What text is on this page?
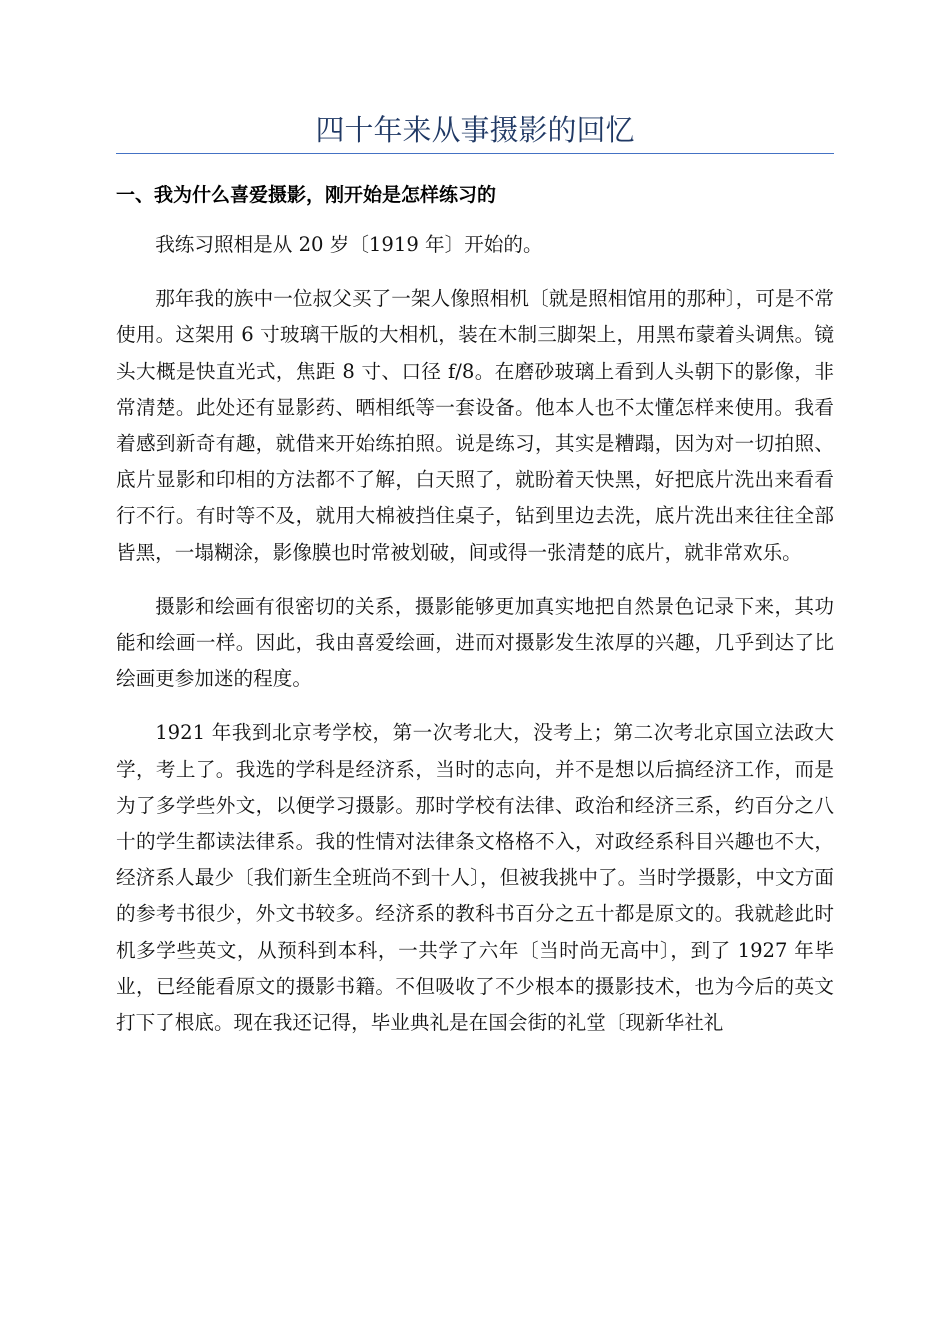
四十年来从事摄影的回忆
一、我为什么喜爱摄影，刚开始是怎样练习的

我练习照相是从 20 岁〔1919 年〕开始的。

那年我的族中一位叔父买了一架人像照相机〔就是照相馆用的那种〕，可是不常使用。这架用 6 寸玻璃干版的大相机，装在木制三脚架上，用黑布蒙着头调焦。镜头大概是快直光式，焦距 8 寸、口径 f/8。在磨砂玻璃上看到人头朝下的影像，非常清楚。此处还有显影药、晒相纸等一套设备。他本人也不太懂怎样来使用。我看着感到新奇有趣，就借来开始练拍照。说是练习，其实是糟蹋，因为对一切拍照、底片显影和印相的方法都不了解，白天照了，就盼着天快黑，好把底片洗出来看看行不行。有时等不及，就用大棉被挡住桌子，钻到里边去洗，底片洗出来往往全部皆黑，一塌糊涂，影像膜也时常被划破，间或得一张清楚的底片，就非常欢乐。

摄影和绘画有很密切的关系，摄影能够更加真实地把自然景色记录下来，其功能和绘画一样。因此，我由喜爱绘画，进而对摄影发生浓厚的兴趣，几乎到达了比绘画更参加迷的程度。

1921 年我到北京考学校，第一次考北大，没考上；第二次考北京国立法政大学，考上了。我选的学科是经济系，当时的志向，并不是想以后搞经济工作，而是为了多学些外文，以便学习摄影。那时学校有法律、政治和经济三系，约百分之八十的学生都读法律系。我的性情对法律条文格格不入，对政经系科目兴趣也不大，经济系人最少〔我们新生全班尚不到十人〕，但被我挑中了。当时学摄影，中文方面的参考书很少，外文书较多。经济系的教科书百分之五十都是原文的。我就趁此时机多学些英文，从预科到本科，一共学了六年〔当时尚无高中〕，到了 1927 年毕业，已经能看原文的摄影书籍。不但吸收了不少根本的摄影技术，也为今后的英文打下了根底。现在我还记得，毕业典礼是在国会街的礼堂〔现新华社礼
